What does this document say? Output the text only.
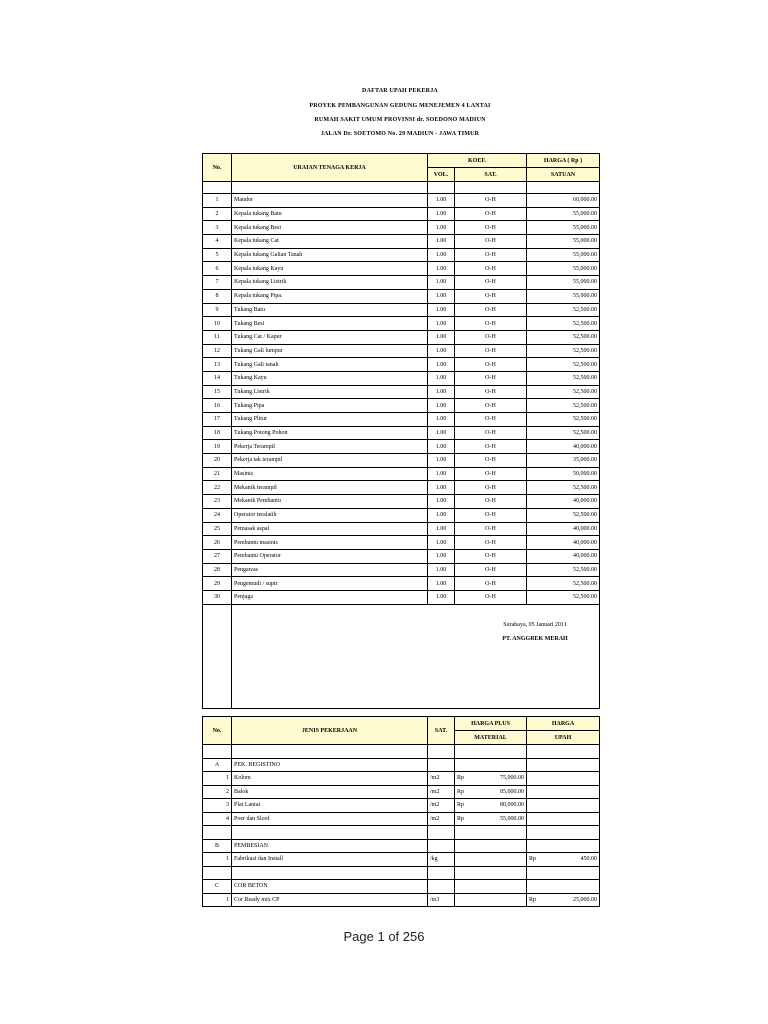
DAFTAR UPAH PEKERJA
PROYEK PEMBANGUNAN GEDUNG MENEJEMEN 4 LANTAI
RUMAH SAKIT UMUM PROVINSI dr. SOEDONO MADIUN
JALAN Dr. SOETOMO No. 29 MADIUN - JAWA TIMUR
No.	URAIAN TENAGA KERJA	KOEF.		HARGA ( Rp )
		VOL.	SAT.	SATUAN

1	Mandor	1.00	O-H	60,000.00
2	Kepala tukang Batu	1.00	O-H	55,000.00
3	Kepala tukang Besi	1.00	O-H	55,000.00
4	Kepala tukang Cat	1.00	O-H	55,000.00
5	Kepala tukang Galian Tanah	1.00	O-H	55,000.00
6	Kepala tukang Kayu	1.00	O-H	55,000.00
7	Kepala tukang Listrik	1.00	O-H	55,000.00
8	Kepala tukang Pipa.	1.00	O-H	55,000.00
9	Tukang Batu	1.00	O-H	52,500.00
10	Tukang Besi	1.00	O-H	52,500.00
11	Tukang Cat / Kapur	1.00	O-H	52,500.00
12	Tukang Gali lumpur	1.00	O-H	52,500.00
13	Tukang Gali tanah	1.00	O-H	52,500.00
14	Tukang Kayu	1.00	O-H	52,500.00
15	Tukang Listrik	1.00	O-H	52,500.00
16	Tukang Pipa	1.00	O-H	52,500.00
17	Tukang Plitur	1.00	O-H	52,500.00
18	Tukang Potong Pohon	1.00	O-H	52,500.00
19	Pekerja Terampil	1.00	O-H	40,000.00
20	Pekerja tak terampil	1.00	O-H	35,000.00
21	Masinis	1.00	O-H	50,000.00
22	Mekanik terampil	1.00	O-H	52,500.00
23	Mekanik Pembantu	1.00	O-H	40,000.00
24	Operator teralatih	1.00	O-H	52,500.00
25	Pemasak aspal	1.00	O-H	40,000.00
26	Pembantu masinis	1.00	O-H	40,000.00
27	Pembantu Operator	1.00	O-H	40,000.00
28	Pengawas	1.00	O-H	52,500.00
29	Pengemudi / supir	1.00	O-H	52,500.00
30	Penjaga	1.00	O-H	52,500.00

Surabaya, 05 Januari 2011
PT. ANGGREK MERAH
No.	JENIS PEKERJAAN	SAT.	HARGA PLUS	HARGA
			MATERIAL	UPAH

A	PEK. BEGISTINO			
1	Kolom	/m2	Rp 75,000.00	

2	Balok	/m2	Rp 85,000.00	

3	Plat Lantai	/m2	Rp 80,000.00	

4	Poer dan Sloof	/m2	Rp 55,000.00	

B	PEMBESIAN			
1	Fabrikasi dan Install	/kg		Rp 450.00

C	COR BETON			
1	Cor Ready mix CP	/m3		Rp 25,000.00
Page 1 of 256
